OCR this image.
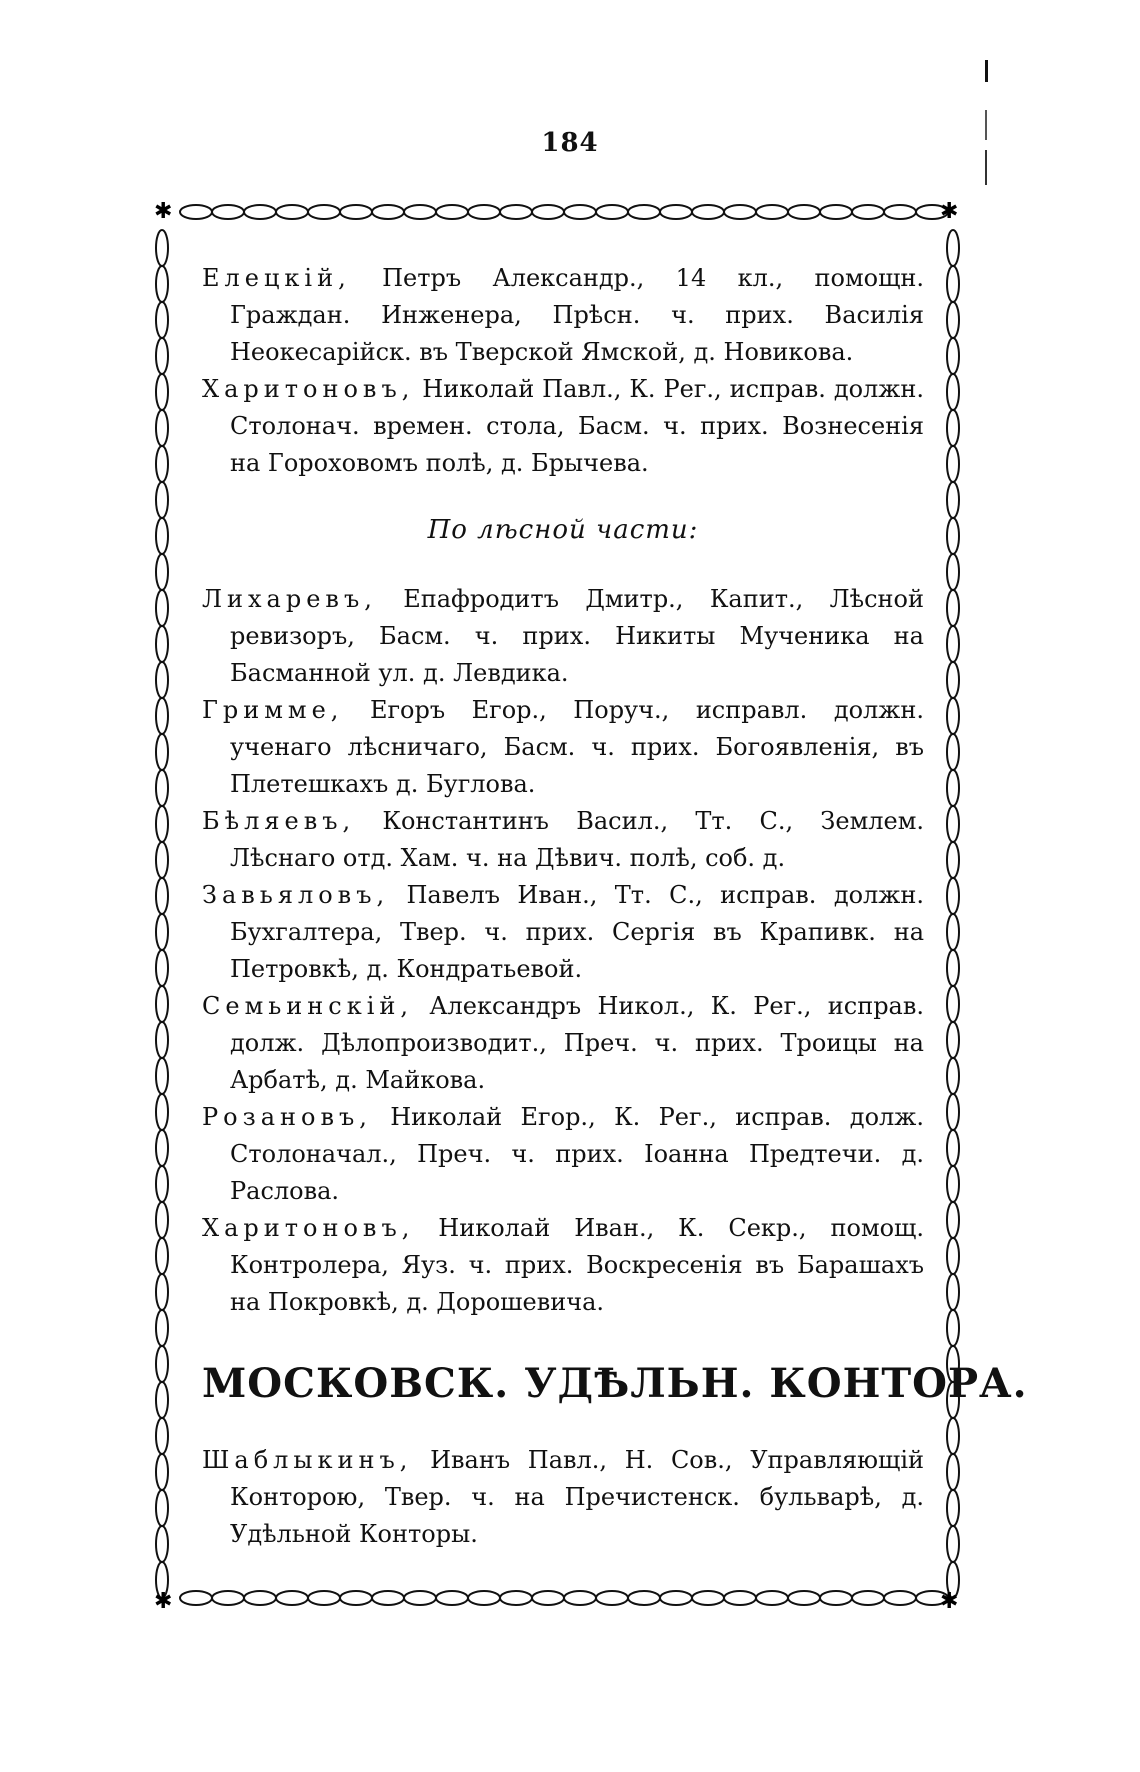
184
✱	✱
✱	✱

Елецкій, Петръ Александр., 14 кл., помощн. Граждан. Инженера, Прѣсн. ч. прих. Василія Неокесарійск. въ Тверской Ямской, д. Новикова.

Харитоновъ, Николай Павл., К. Рег., исправ. должн. Столонач. времен. стола, Басм. ч. прих. Вознесенія на Гороховомъ полѣ, д. Брычева.

По лѣсной части:

Лихаревъ, Епафродитъ Дмитр., Капит., Лѣсной ревизоръ, Басм. ч. прих. Никиты Мученика на Басманной ул. д. Левдика.

Гримме, Егоръ Егор., Поруч., исправл. должн. ученаго лѣсничаго, Басм. ч. прих. Богоявленія, въ Плетешкахъ д. Буглова.

Бѣляевъ, Константинъ Васил., Тт. С., Землем. Лѣснаго отд. Хам. ч. на Дѣвич. полѣ, соб. д.

Завьяловъ, Павелъ Иван., Тт. С., исправ. должн. Бухгалтера, Твер. ч. прих. Сергія въ Крапивк. на Петровкѣ, д. Кондратьевой.

Семьинскій, Александръ Никол., К. Рег., исправ. долж. Дѣлопроизводит., Преч. ч. прих. Троицы на Арбатѣ, д. Майкова.

Розановъ, Николай Егор., К. Рег., исправ. долж. Столоначал., Преч. ч. прих. Іоанна Предтечи. д. Раслова.

Харитоновъ, Николай Иван., К. Секр., помощ. Контролера, Яуз. ч. прих. Воскресенія въ Барашахъ на Покровкѣ, д. Дорошевича.

МОСКОВСК. УДѢЛЬН. КОНТОРА.

Шаблыкинъ, Иванъ Павл., Н. Сов., Управляющій Конторою, Твер. ч. на Пречистенск. бульварѣ, д. Удѣльной Конторы.
